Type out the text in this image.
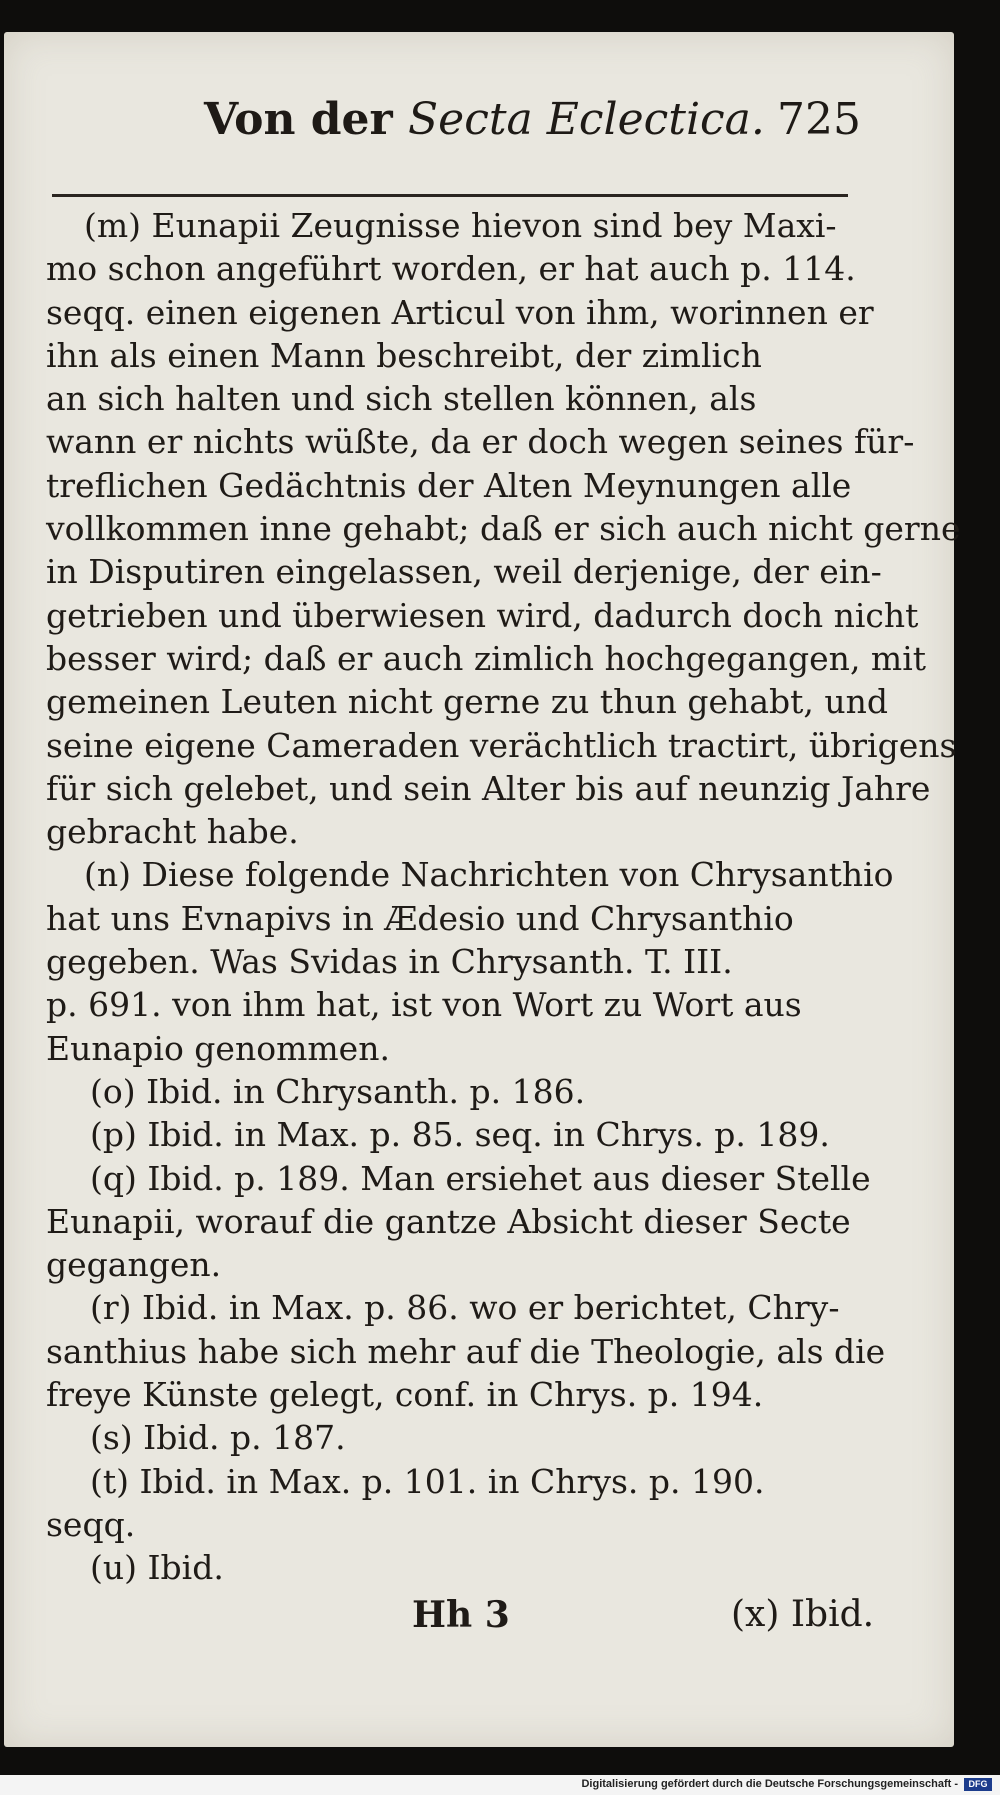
Von der Secta Eclectica. 725
(m) Eunapii Zeugnisse hievon sind bey Maxi-
mo schon angeführt worden, er hat auch p. 114.
seqq. einen eigenen Articul von ihm, worinnen er
ihn als einen Mann beschreibt, der zimlich
an sich halten und sich stellen können, als
wann er nichts wüßte, da er doch wegen seines für-
treflichen Gedächtnis der Alten Meynungen alle
vollkommen inne gehabt; daß er sich auch nicht gerne
in Disputiren eingelassen, weil derjenige, der ein-
getrieben und überwiesen wird, dadurch doch nicht
besser wird; daß er auch zimlich hochgegangen, mit
gemeinen Leuten nicht gerne zu thun gehabt, und
seine eigene Cameraden verächtlich tractirt, übrigens
für sich gelebet, und sein Alter bis auf neunzig Jahre
gebracht habe.
(n) Diese folgende Nachrichten von Chrysanthio
hat uns Evnapivs in Ædesio und Chrysanthio
gegeben. Was Svidas in Chrysanth. T. III.
p. 691. von ihm hat, ist von Wort zu Wort aus
Eunapio genommen.
(o) Ibid. in Chrysanth. p. 186.
(p) Ibid. in Max. p. 85. seq. in Chrys. p. 189.
(q) Ibid. p. 189. Man ersiehet aus dieser Stelle
Eunapii, worauf die gantze Absicht dieser Secte
gegangen.
(r) Ibid. in Max. p. 86. wo er berichtet, Chry-
santhius habe sich mehr auf die Theologie, als die
freye Künste gelegt, conf. in Chrys. p. 194.
(s) Ibid. p. 187.
(t) Ibid. in Max. p. 101. in Chrys. p. 190.
seqq.
(u) Ibid.
Hh 3	(x) Ibid.
Digitalisierung gefördert durch die Deutsche Forschungsgemeinschaft -	DFG
